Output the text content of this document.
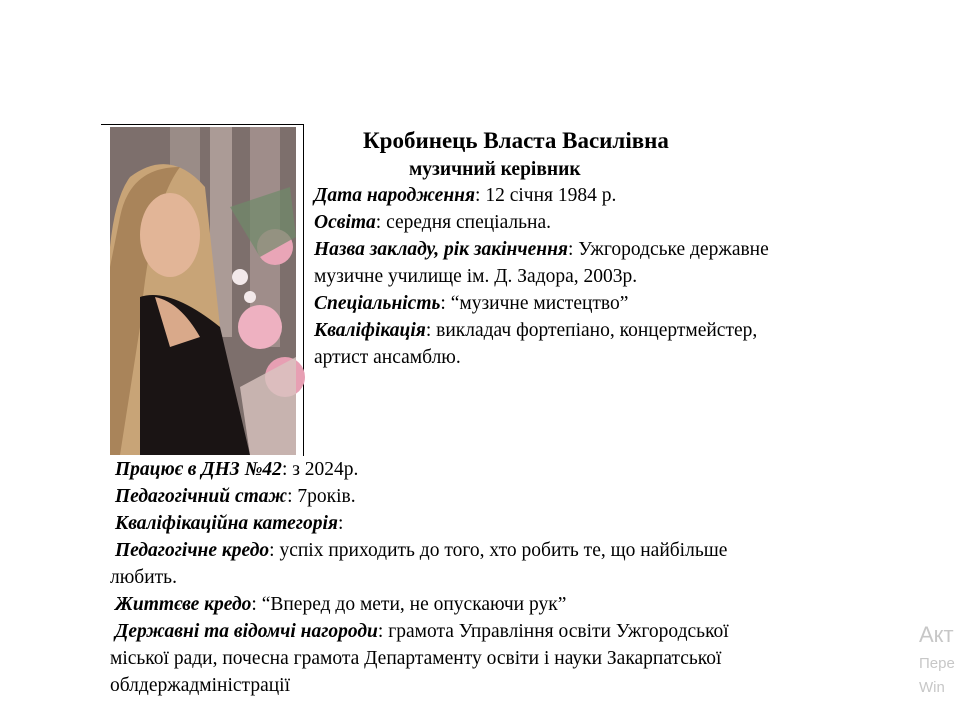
Кробинець Власта Василівна
музичний керівник
Дата народження: 12 січня 1984 р.
Освіта: середня спеціальна.
Назва закладу, рік закінчення: Ужгородське державне
музичне училище ім. Д. Задора, 2003р.
Спеціальність: “музичне мистецтво”
Кваліфікація: викладач фортепіано, концертмейстер,
артист ансамблю.
Працює в ДНЗ №42: з 2024р.
Педагогічний стаж: 7років.
Кваліфікаційна категорія:
Педагогічне кредо: успіх приходить до того, хто робить те, що найбільше
любить.
Життєве кредо: “Вперед до мети, не опускаючи рук”
Державні та відомчі нагороди: грамота Управління освіти Ужгородської
міської ради, почесна грамота Департаменту освіти і науки Закарпатської
облдержадміністрації
Акт
Пере
Win
